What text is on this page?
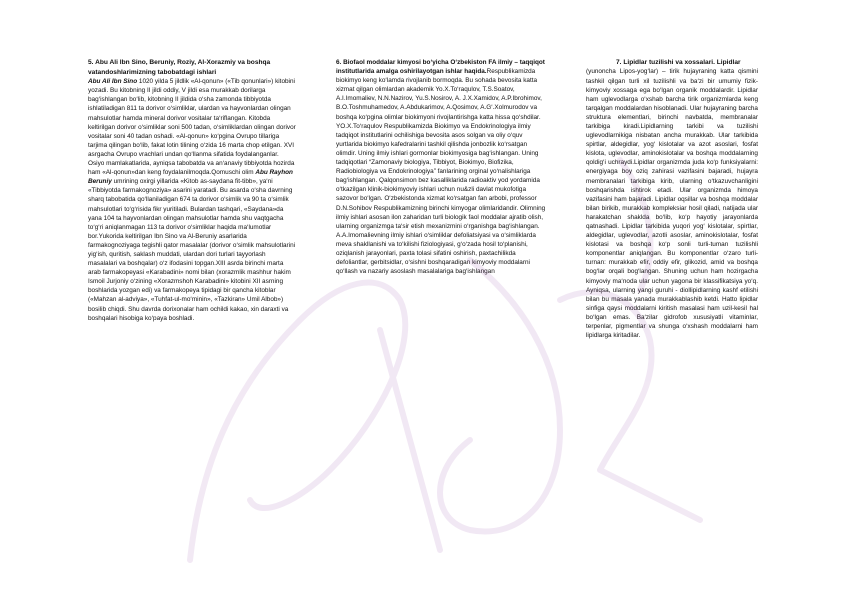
5. Abu Ali Ibn Sino, Beruniy, Roziy, Al-Xorazmiy va boshqa vatandoshlarimizning tabobatdagi ishlari

Abu Ali Ibn Sino 1020 yilda 5 jildlik «Al-qonun» («Tib qonunlari») kitobini yozadi. Bu kitobning II jildi oddiy, V jildi esa murakkab dorilarga bag‘ishlangan bo‘lib, kitobning II jildida o‘sha zamonda tibbiyotda ishlatiladigan 811 ta dorivor o‘simliklar, ulardan va hayvonlardan olingan mahsulotlar hamda mineral dorivor vositalar ta‘riflangan. Kitobda keltirilgan dorivor o‘simliklar soni 500 tadan, o‘simliklardan olingan dorivor vositalar soni 40 tadan oshadi. «Al-qonun» ko‘pgina Ovrupo tillariga tarjima qilingan bo‘lib, fakat lotin tilining o‘zida 16 marta chop etilgan. XVI asrgacha Ovrupo vrachlari undan qo‘llanma sifatida foydalanganlar. Osiyo mamlakatlarida, ayniqsa tabobatda va an‘anaviy tibbiyotda hozirda ham «Al-qonun»dan keng foydalanilmoqda.Qomuschi olim Abu Rayhon Beruniy umrining oxirgi yillarida «Kitob as-saydana fit-tibb», ya‘ni «Tibbiyotda farmakognoziya» asarini yaratadi. Bu asarda o‘sha davrning sharq tabobatida qo‘llaniladigan 674 ta dorivor o‘simlik va 90 ta o‘simlik mahsulotlari to‘g‘risida fikr yuritiladi. Bulardan tashqari, «Saydana»da yana 104 ta hayvonlardan olingan mahsulotlar hamda shu vaqtgacha to‘g‘ri aniqlanmagan 113 ta dorivor o‘simliklar haqida ma‘lumotlar bor.Yukorida keltirilgan Ibn Sino va Al-Beruniy asarlarida farmakognoziyaga tegishli qator masalalar (dorivor o‘simlik mahsulotlarini yig‘ish, quritish, saklash muddati, ulardan dori turlari tayyorlash masalalari va boshqalar) o‘z ifodasini topgan.XIII asrda birinchi marta arab farmakopeyasi «Karabadini» nomi bilan (xorazmlik mashhur hakim Ismoil Jurjoniy o‘zining «Xorazmshoh Karabadini» kitobini XII asrning boshlarida yozgan edi) va farmakopeya tipidagi bir qancha kitoblar («Mahzan al-adviya», «Tuhfat-ul-mo‘minin», «Tazkiran» Umil Albob») bosilib chiqdi. Shu davrda dorixonalar ham ochildi kakao, xin daraxti va boshqalari hisobiga ko‘paya boshladi.

6. Biofaol moddalar kimyosi bo‘yicha O‘zbekiston FA ilmiy – taqqiqot institutlarida amalga oshirilayotgan ishlar haqida.Respublikamizda biokimyo keng ko‘lamda rivojlanib bormoqda. Bu sohada bevosita katta xizmat qilgan olimlardan akademik Yo.X.To‘raqulov, T.S.Soatov, A.I.Imomaliev, N.N.Nazirov, Yu.S.Nosirov, A. J.X.Xamidov, A.P.Ibrohimov, B.O.Toshmuhamedov, A.Abdukarimov, A.Qosimov, A.G‘.Xolmurodov va boshqa ko‘pgina olimlar biokimyoni rivojlantirishga katta hissa qo‘shdilar. YO.X.To‘raqulov Respublikamizda Biokimyo va Endokrinologiya ilmiy tadqiqot institutlarini ochilishiga bevosita asos solgan va oliy o‘quv yurtlarida biokimyo kafedralarini tashkil qilishda jonbozlik ko‘rsatgan olimdir. Uning ilmiy ishlari gormonlar biokimyosiga bag‘ishlangan. Uning tadqiqotlari “Zamonaviy biologiya, Tibbiyot, Biokimyo, Biofizika, Radiobiologiya va Endokrinologiya” fanlarining orginal yo‘nalishlariga bag‘ishlangan. Qalqonsimon bez kasalliklarida radioaktiv yod yordamida o‘tkazilgan klinik-biokimyoviy ishlari uchun nu&zli davlat mukofotiga sazovor bo‘lgan. O‘zbekistonda xizmat ko‘rsatgan fan arbobi, professor D.N.Sohibov Respublikamizning birinchi kimyogar olimlaridandir. Olimning ilmiy ishlari asosan ilon zaharidan turli biologik faol moddalar ajratib olish, ularning organizmga ta‘sir etish mexanizmini o‘rganishga bag‘ishlangan. A.A.Imomalievning ilmiy ishlari o‘simliklar defoliatsiyasi va o‘simliklarda meva shakllanishi va to‘kilishi fiziologiyasi, g‘o‘zada hosil to‘planishi, oziqlanish jarayonlari, paxta tolasi sifatini oshirish, paxtachilikda defoliantlar, gerbitsidlar, o‘sishni boshqaradigan kimyoviy moddalarni qo‘llash va nazariy asoslash masalalariga bag‘ishlangan

7. Lipidlar tuzilishi va xossalari. Lipidlar

(yunoncha Lipos-yog‘lar) – tirik hujayraning katta qismini tashkil qilgan turli xil tuzilishli va ba‘zi bir umumiy fizik-kimyoviy xossaga ega bo‘lgan organik moddalardir. Lipidlar ham uglevodlarga o‘xshab barcha tirik organizmlarda keng tarqalgan moddalardan hisoblanadi. Ular hujayraning barcha struktura elementlari, birinchi navbatda, membranalar tarkibiga kiradi.Lipidlarning tarkibi va tuzilishi uglevodlarnikiga nisbatan ancha murakkab. Ular tarkibida spirtlar, aldegidlar, yog‘ kislotalar va azot asoslari, fosfat kislota, uglevodlar, aminokislotalar va boshqa moddalarning qoldig‘i uchraydi.Lipidlar organizmda juda ko‘p funksiyalarni: energiyaga boy oziq zahirasi vazifasini bajaradi, hujayra membranalari tarkibiga kirib, ularning o‘tkazuvchanligini boshqarishda ishtirok etadi. Ular organizmda himoya vazifasini ham bajaradi. Lipidlar oqsillar va boshqa moddalar bilan birikib, murakkab kompleksiar hosil qiladi, natijada ular harakatchan shaklda bo‘lib, ko‘p hayotiy jarayonlarda qatnashadi. Lipidlar tarkibida yuqori yog‘ kislotalar, spirtlar, aldegidlar, uglevodlar, azotli asoslar, aminokislotalar, fosfat kislotasi va boshqa ko‘p sonli turli-tuman tuzilishli komponentlar aniqlangan. Bu komponentlar o‘zaro turli-turnan: murakkab efir, oddiy efir, glikozid, amid va boshqa bog‘lar orqali bog‘langan. Shuning uchun ham hozirgacha kimyoviy ma‘noda ular uchun yagona bir klassifikatsiya yo‘q. Ayniqsa, ularning yangi guruhi - diollipidlarning kashf etilishi bilan bu masala yanada murakkablashib ketdi. Hatto lipidlar sinfiga qaysi moddalarni kiritish masalasi ham uzil-kesil hal bo‘lgan emas. Ba‘zilar gidrofob xususiyatli vitaminlar, terpenlar, pigmentlar va shunga o‘xshash moddalarni ham lipidlarga kiritadilar.
